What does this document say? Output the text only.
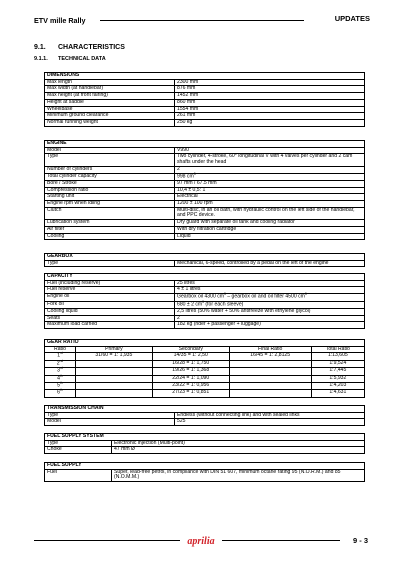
ETV mille Rally	UPDATES
9.1. CHARACTERISTICS
9.1.1. TECHNICAL DATA
DIMENSIONS	
Max length	2300 mm
Max width (at handlebar)	876 mm
Max height (at front fairing)	1452 mm
Height at saddle	860 mm
Wheelbase	1554 mm
Minimum ground clearance	261 mm
Normal running weight	250 kg
ENGINE	
Model	V990
Type	Two cylinder, 4-stroke, 60° longitudinal V with 4 valves per cylinder and 2 cam shafts under the head
Number of cylinders	2
Total cylinder capacity	998 $cm^3$
Bore / Stroke	97 mm / 67.5 mm
Compression ratio	10,4 ± 0,5: 1
Starting unit	Electrical
Engine rpm when idling	1200 ± 100 rpm
Clutch	Multi-disc, in an oil bath, with hydraulic control on the left side of the handlebar, and PPC device.
Lubrication system	Dry guard with separate oil tank and cooling radiator
Air filter	With dry filtration cartridge
Cooling	Liquid
GEARBOX
Type	Mechanical, 6-speed, controlled by a pedal on the left of the engine
CAPACITY	
Fuel (including reserve)	25 litres
Fuel reserve	4 ± 1 litres
Engine oil	Gearbox oil 4300 $cm^3$ – gearbox oil and oil filter 4500 $cm^3$
Fork oil	680 ± 2 $cm^3$ (for each sleeve)
Cooling liquid	2,5 litres (50% water + 50% antifreeze with ethylene glycol)
Seats	2
Maximum load carried	182 kg (rider + passenger + luggage)
GEAR RATIO				
Ratio	Primary	Secondary	Final Ratio	Total Ratio
1st	31/60 = 1: 1,935	14/35 = 1: 2,50	16/45 = 1: 2,8125	1:13,605
2nd		16/28 = 1: 1,750		1:9,524
3rd		19/26 = 1: 1,368		1:7,445
4th		22/24 = 1: 1,090		1:5,932
5th		23/22 = 1: 0,956		1:4,203
6th		27/23 = 1: 0,851		1:4,631
TRANSMISSION CHAIN	
Type	Endless (without connecting link) and with sealed links
Model	525
FUEL SUPPLY SYSTEM	
Type	Electronic injection (Multi-point)
Choke	47 mm Ø
FUEL SUPPLY
Fuel	Super, lead-free petrol, in compliance with DIN 51 607, minimum octane rating 95 (N.O.R.M.) and 85 (N.O.M.M.)
aprilia	9 - 3
